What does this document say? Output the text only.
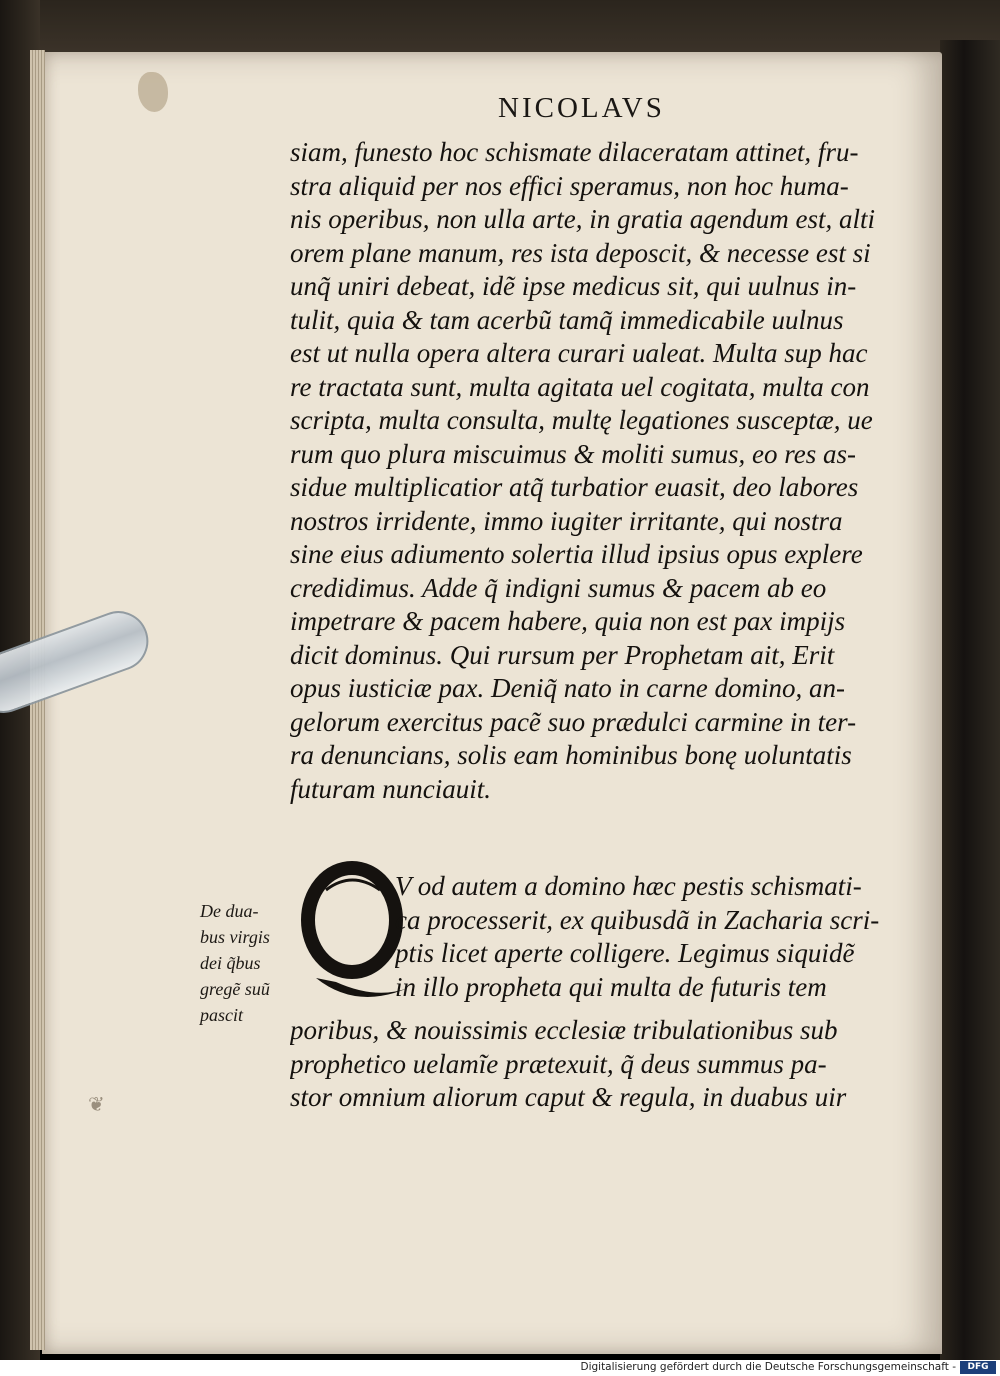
❦
NICOLAVS
siam, funesto hoc schismate dilaceratam attinet, fru-
stra aliquid per nos effici speramus, non hoc huma-
nis operibus, non ulla arte, in gratia agendum est, alti
orem plane manum, res ista deposcit, & necesse est si
unq̃ uniri debeat, idẽ ipse medicus sit, qui uulnus in-
tulit, quia & tam acerbũ tamq̃ immedicabile uulnus
est ut nulla opera altera curari ualeat. Multa sup hac
re tractata sunt, multa agitata uel cogitata, multa con
scripta, multa consulta, multę legationes susceptæ, ue
rum quo plura miscuimus & moliti sumus, eo res as-
sidue multiplicatior atq̃ turbatior euasit, deo labores
nostros irridente, immo iugiter irritante, qui nostra
sine eius adiumento solertia illud ipsius opus explere
credidimus. Adde q̃ indigni sumus & pacem ab eo
impetrare & pacem habere, quia non est pax impijs
dicit dominus. Qui rursum per Prophetam ait, Erit
opus iusticiæ pax. Deniq̃ nato in carne domino, an-
gelorum exercitus pacẽ suo prædulci carmine in ter-
ra denuncians, solis eam hominibus bonę uoluntatis
futuram nunciauit.
V od autem a domino hæc pestis schismati-
ca processerit, ex quibusdã in Zacharia scri-
ptis licet aperte colligere. Legimus siquidẽ
in illo propheta qui multa de futuris tem
poribus, & nouissimis ecclesiæ tribulationibus sub
prophetico uelamĩe prætexuit, q̃ deus summus pa-
stor omnium aliorum caput & regula, in duabus uir
De dua-
bus virgis
dei q̃bus
gregẽ suũ
pascit
Digitalisierung gefördert durch die Deutsche Forschungsgemeinschaft -	DFG
